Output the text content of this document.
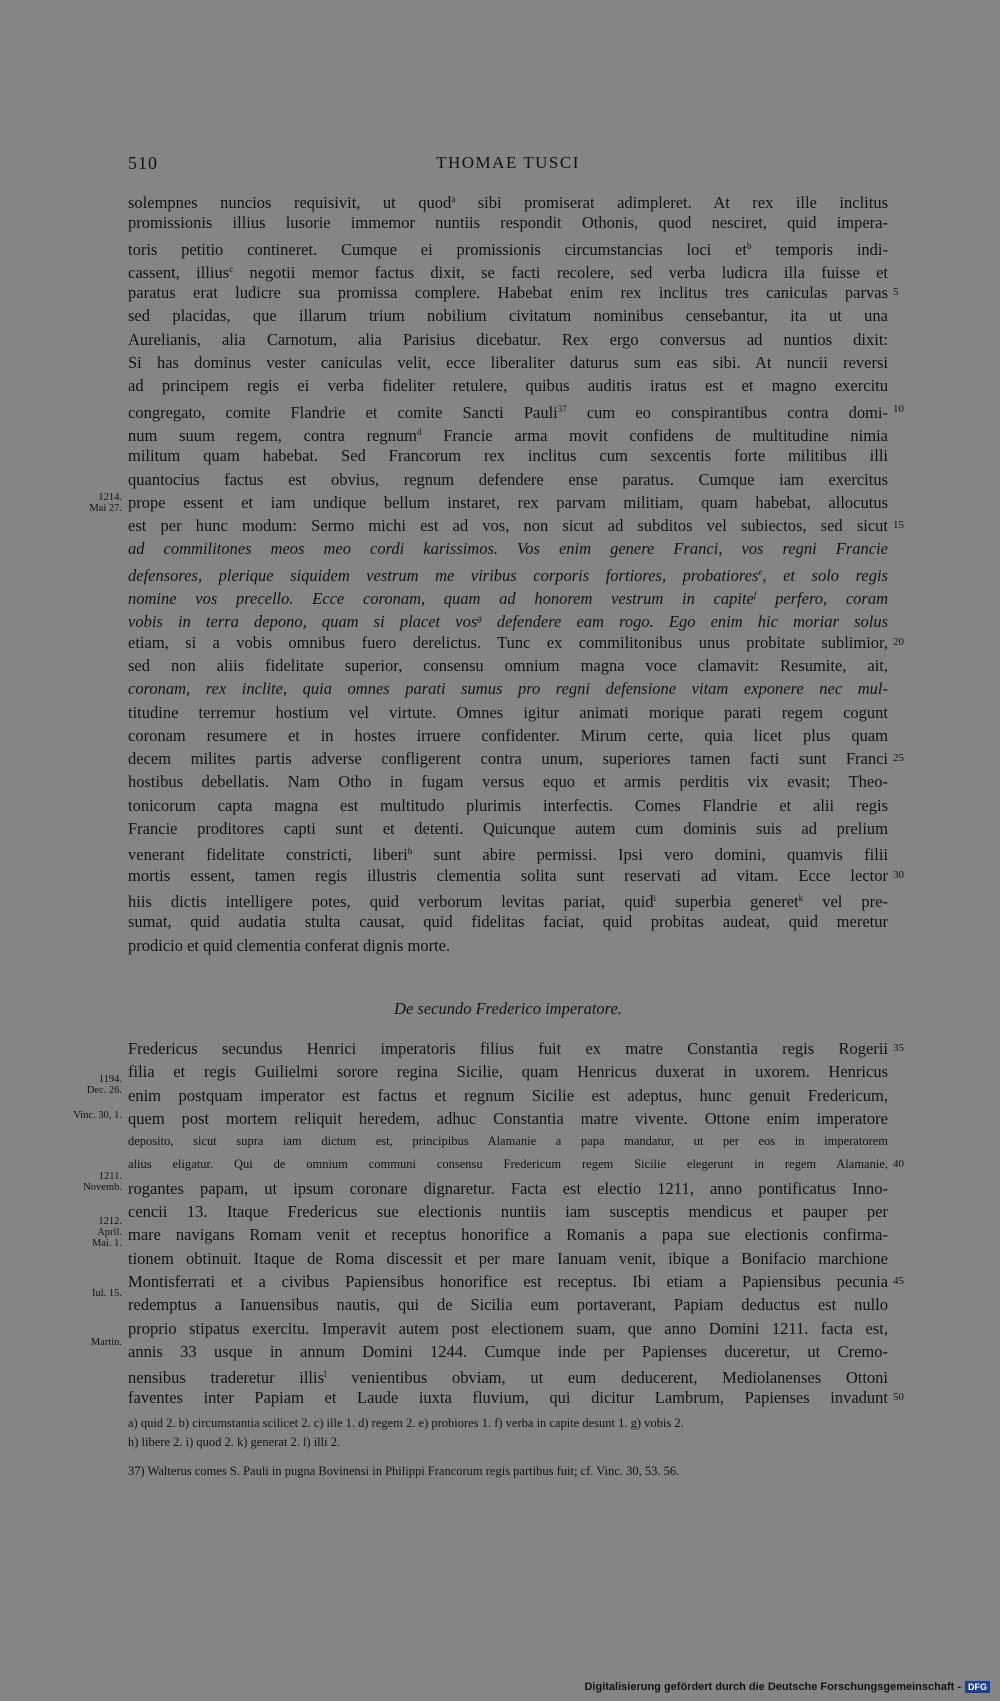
510	THOMAE TUSCI
solempnes nuncios requisivit, ut quod$^a$ sibi promiserat adimpleret. At rex ille inclitus
promissionis illius lusorie immemor nuntiis respondit Othonis, quod nesciret, quid impera-
toris petitio contineret. Cumque ei promissionis circumstancias loci $et^b$ temporis indi-
cassent, illius$^c$ negotii memor factus dixit, se facti recolere, sed verba ludicra illa fuisse et
paratus erat ludicre sua promissa complere. Habebat enim rex inclitus tres caniculas parvas 5
sed placidas, que illarum trium nobilium civitatum nominibus censebantur, ita ut una
Aurelianis, alia Carnotum, alia Parisius dicebatur. Rex ergo conversus ad nuntios dixit:
Si has dominus vester caniculas velit, ecce liberaliter daturus sum eas sibi. At nuncii reversi
ad principem regis ei verba fideliter retulere, quibus auditis iratus est et magno exercitu
congregato, comite Flandrie et comite Sancti Pauli$^{37}$ cum eo conspirantibus contra domi- 10
num suum regem, contra regnum$^d$ Francie arma movit confidens de multitudine nimia
militum quam habebat. Sed Francorum rex inclitus cum sexcentis forte militibus illi
quantocius factus est obvius, regnum defendere ense paratus. Cumque iam exercitus
prope essent et iam undique bellum instaret, rex parvam militiam, quam habebat, allocutus
est per hunc modum: Sermo michi est ad vos, non sicut ad subditos vel subiectos, sed sicut 15
ad commilitones meos meo cordi karissimos. Vos enim genere Franci, vos regni Francie
defensores, plerique siquidem vestrum me viribus corporis fortiores, probatiores$^e$, et solo regis
nomine vos precello. Ecce coronam, quam ad honorem vestrum in capite$^f$ perfero, coram
vobis in terra depono, quam si placet vos$^g$ defendere eam rogo. Ego enim hic moriar solus
etiam, si a vobis omnibus fuero derelictus. Tunc ex commilitonibus unus probitate sublimior, 20
sed non aliis fidelitate superior, consensu omnium magna voce clamavit: Resumite, ait,
coronam, rex inclite, quia omnes parati sumus pro regni defensione vitam exponere nec mul-
titudine terremur hostium vel virtute. Omnes igitur animati morique parati regem cogunt
coronam resumere et in hostes irruere confidenter. Mirum certe, quia licet plus quam
decem milites partis adverse confligerent contra unum, superiores tamen facti sunt Franci 25
hostibus debellatis. Nam Otho in fugam versus equo et armis perditis vix evasit; Theo-
tonicorum capta magna est multitudo plurimis interfectis. Comes Flandrie et alii regis
Francie proditores capti sunt et detenti. Quicunque autem cum dominis suis ad prelium
venerant fidelitate constricti, liberi$^h$ sunt abire permissi. Ipsi vero domini, quamvis filii
mortis essent, tamen regis illustris clementia solita sunt reservati ad vitam. Ecce lector 30
hiis dictis intelligere potes, quid verborum levitas pariat, quid$^i$ superbia generet$^k$ vel pre-
sumat, quid audatia stulta causat, quid fidelitas faciat, quid probitas audeat, quid meretur
prodicio et quid clementia conferat dignis morte.
De secundo Frederico imperatore.
Fredericus secundus Henrici imperatoris filius fuit ex matre Constantia regis Rogerii 35
filia et regis Guilielmi sorore regina Sicilie, quam Henricus duxerat in uxorem. Henricus
enim postquam imperator est factus et regnum Sicilie est adeptus, hunc genuit Fredericum,
quem post mortem reliquit heredem, adhuc Constantia matre vivente. Ottone enim imperatore
deposito, sicut supra iam dictum est, principibus Alamanie a papa mandatur, ut per eos in imperatorem
alius eligatur. Qui de omnium communi consensu Fredericum regem Sicilie elegerunt in regem Alamanie, 40
rogantes papam, ut ipsum coronare dignaretur. Facta est electio 1211, anno pontificatus Inno-
cencii 13. Itaque Fredericus sue electionis nuntiis iam susceptis mendicus et pauper per
mare navigans Romam venit et receptus honorifice a Romanis a papa sue electionis confirma-
tionem obtinuit. Itaque de Roma discessit et per mare Ianuam venit, ibique a Bonifacio marchione
Montisferrati et a civibus Papiensibus honorifice est receptus. Ibi etiam a Papiensibus pecunia 45
redemptus a Ianuensibus nautis, qui de Sicilia eum portaverant, Papiam deductus est nullo
proprio stipatus exercitu. Imperavit autem post electionem suam, que anno Domini 1211. facta est,
annis 33 usque in annum Domini 1244. Cumque inde per Papienses duceretur, ut Cremo-
nensibus traderetur illis$^l$ venientibus obviam, ut eum deducerent, Mediolanenses Ottoni
faventes inter Papiam et Laude iuxta fluvium, qui dicitur Lambrum, Papienses invadunt 50
1214.
Mai 27.
1194.
Dec. 26.
Vinc. 30, 1.
1211.
Novemb.
1212.
April.
Mai. 1.
Iul. 15.
Martin.
a) quid 2. b) circumstantia scilicet 2. c) ille 1. d) regem 2. e) probiores 1. f) verba in capite desunt 1. g) vobis 2.
h) libere 2. i) quod 2. k) generat 2. l) illi 2.
37) Walterus comes S. Pauli in pugna Bovinensi in Philippi Francorum regis partibus fuit; cf. Vinc. 30, 53. 56.
Digitalisierung gefördert durch die Deutsche Forschungsgemeinschaft - DFG
